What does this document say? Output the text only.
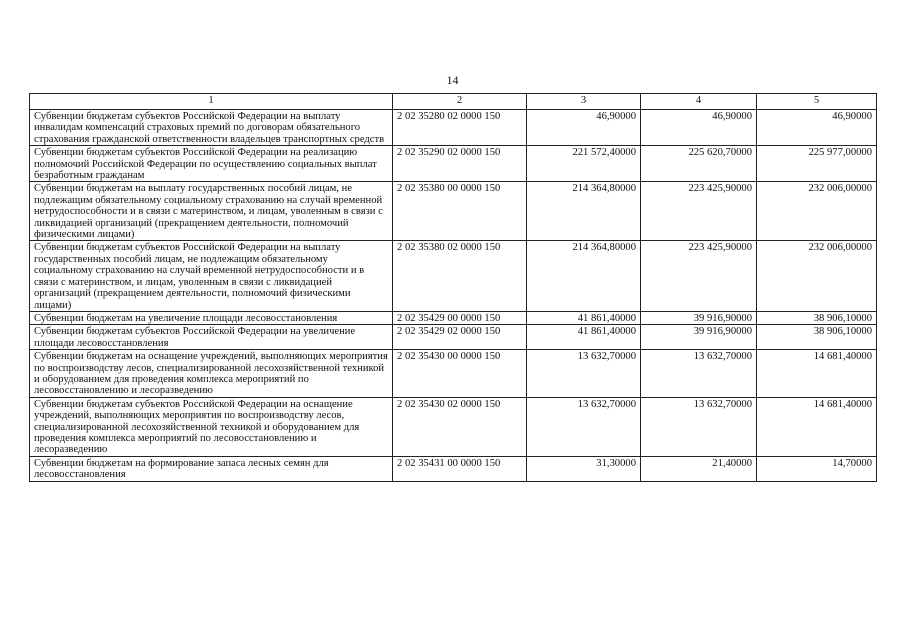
14
1	2	3	4	5
Субвенции бюджетам субъектов Российской Федерации на выплату инвалидам компенсаций страховых премий по договорам обязательного страхования гражданской ответственности владельцев транспортных средств	2 02 35280 02 0000 150	46,90000	46,90000	46,90000
Субвенции бюджетам субъектов Российской Федерации на реализацию полномочий Российской Федерации по осуществлению социальных выплат безработным гражданам	2 02 35290 02 0000 150	221 572,40000	225 620,70000	225 977,00000
Субвенции бюджетам на выплату государственных пособий лицам, не подлежащим обязательному социальному страхованию на случай временной нетрудоспособности и в связи с материнством, и лицам, уволенным в связи с ликвидацией организаций (прекращением деятельности, полномочий физическими лицами)	2 02 35380 00 0000 150	214 364,80000	223 425,90000	232 006,00000
Субвенции бюджетам субъектов Российской Федерации на выплату государственных пособий лицам, не подлежащим обязательному социальному страхованию на случай временной нетрудоспособности и в связи с материнством, и лицам, уволенным в связи с ликвидацией организаций (прекращением деятельности, полномочий физическими лицами)	2 02 35380 02 0000 150	214 364,80000	223 425,90000	232 006,00000
Субвенции бюджетам на увеличение площади лесовосстановления	2 02 35429 00 0000 150	41 861,40000	39 916,90000	38 906,10000
Субвенции бюджетам субъектов Российской Федерации на увеличение площади лесовосстановления	2 02 35429 02 0000 150	41 861,40000	39 916,90000	38 906,10000
Субвенции бюджетам на оснащение учреждений, выполняющих мероприятия по воспроизводству лесов, специализированной лесохозяйственной техникой и оборудованием для проведения комплекса мероприятий по лесовосстановлению и лесоразведению	2 02 35430 00 0000 150	13 632,70000	13 632,70000	14 681,40000
Субвенции бюджетам субъектов Российской Федерации на оснащение учреждений, выполняющих мероприятия по воспроизводству лесов, специализированной лесохозяйственной техникой и оборудованием для проведения комплекса мероприятий по лесовосстановлению и лесоразведению	2 02 35430 02 0000 150	13 632,70000	13 632,70000	14 681,40000
Субвенции бюджетам на формирование запаса лесных семян для лесовосстановления	2 02 35431 00 0000 150	31,30000	21,40000	14,70000
